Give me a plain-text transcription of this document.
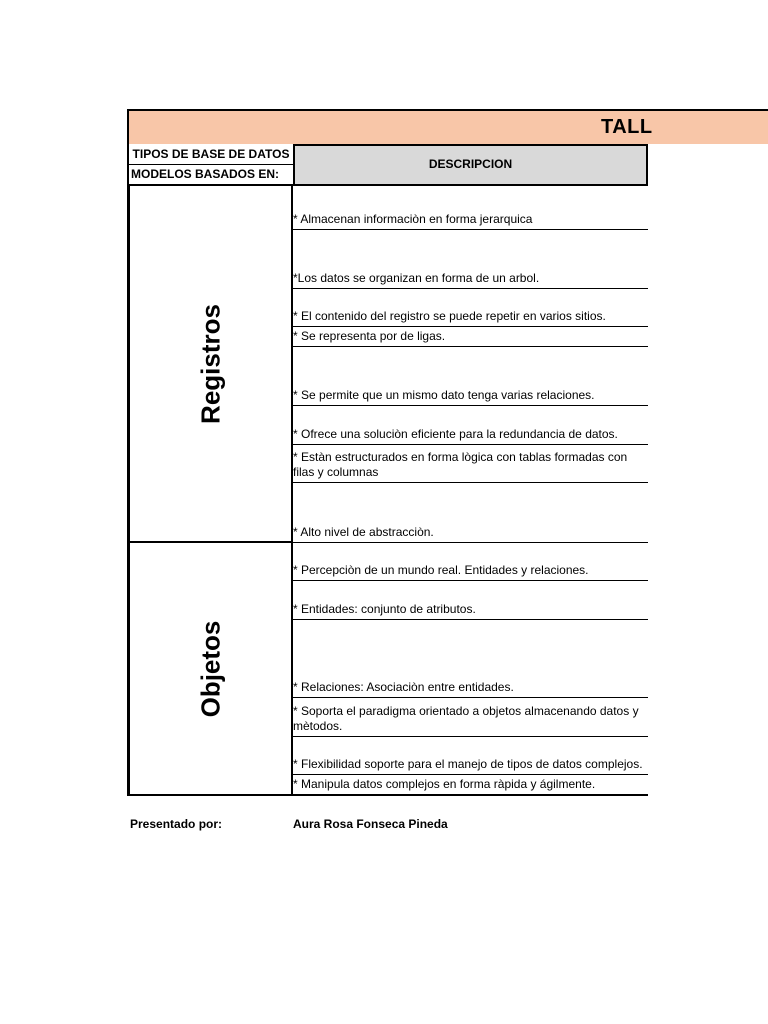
TALL
TIPOS DE BASE DE DATOS
MODELOS BASADOS EN:
DESCRIPCION
Registros
* Almacenan informaciòn en forma jerarquica
*Los datos se organizan en forma de un arbol.
* El contenido del registro se puede repetir en varios sitios.
* Se representa por de ligas.
* Se permite que un mismo dato tenga varias relaciones.
* Ofrece una soluciòn eficiente para la redundancia de datos.
* Estàn estructurados en forma lògica con tablas formadas con filas y columnas
* Alto nivel de abstracciòn.
Objetos
* Percepciòn de un mundo real. Entidades y relaciones.
* Entidades: conjunto de atributos.
* Relaciones: Asociaciòn entre entidades.
* Soporta el paradigma orientado a objetos almacenando datos y mètodos.
* Flexibilidad soporte para el manejo de tipos de datos complejos.
* Manipula datos complejos en forma ràpida y ágilmente.
Presentado por:	Aura Rosa Fonseca Pineda
